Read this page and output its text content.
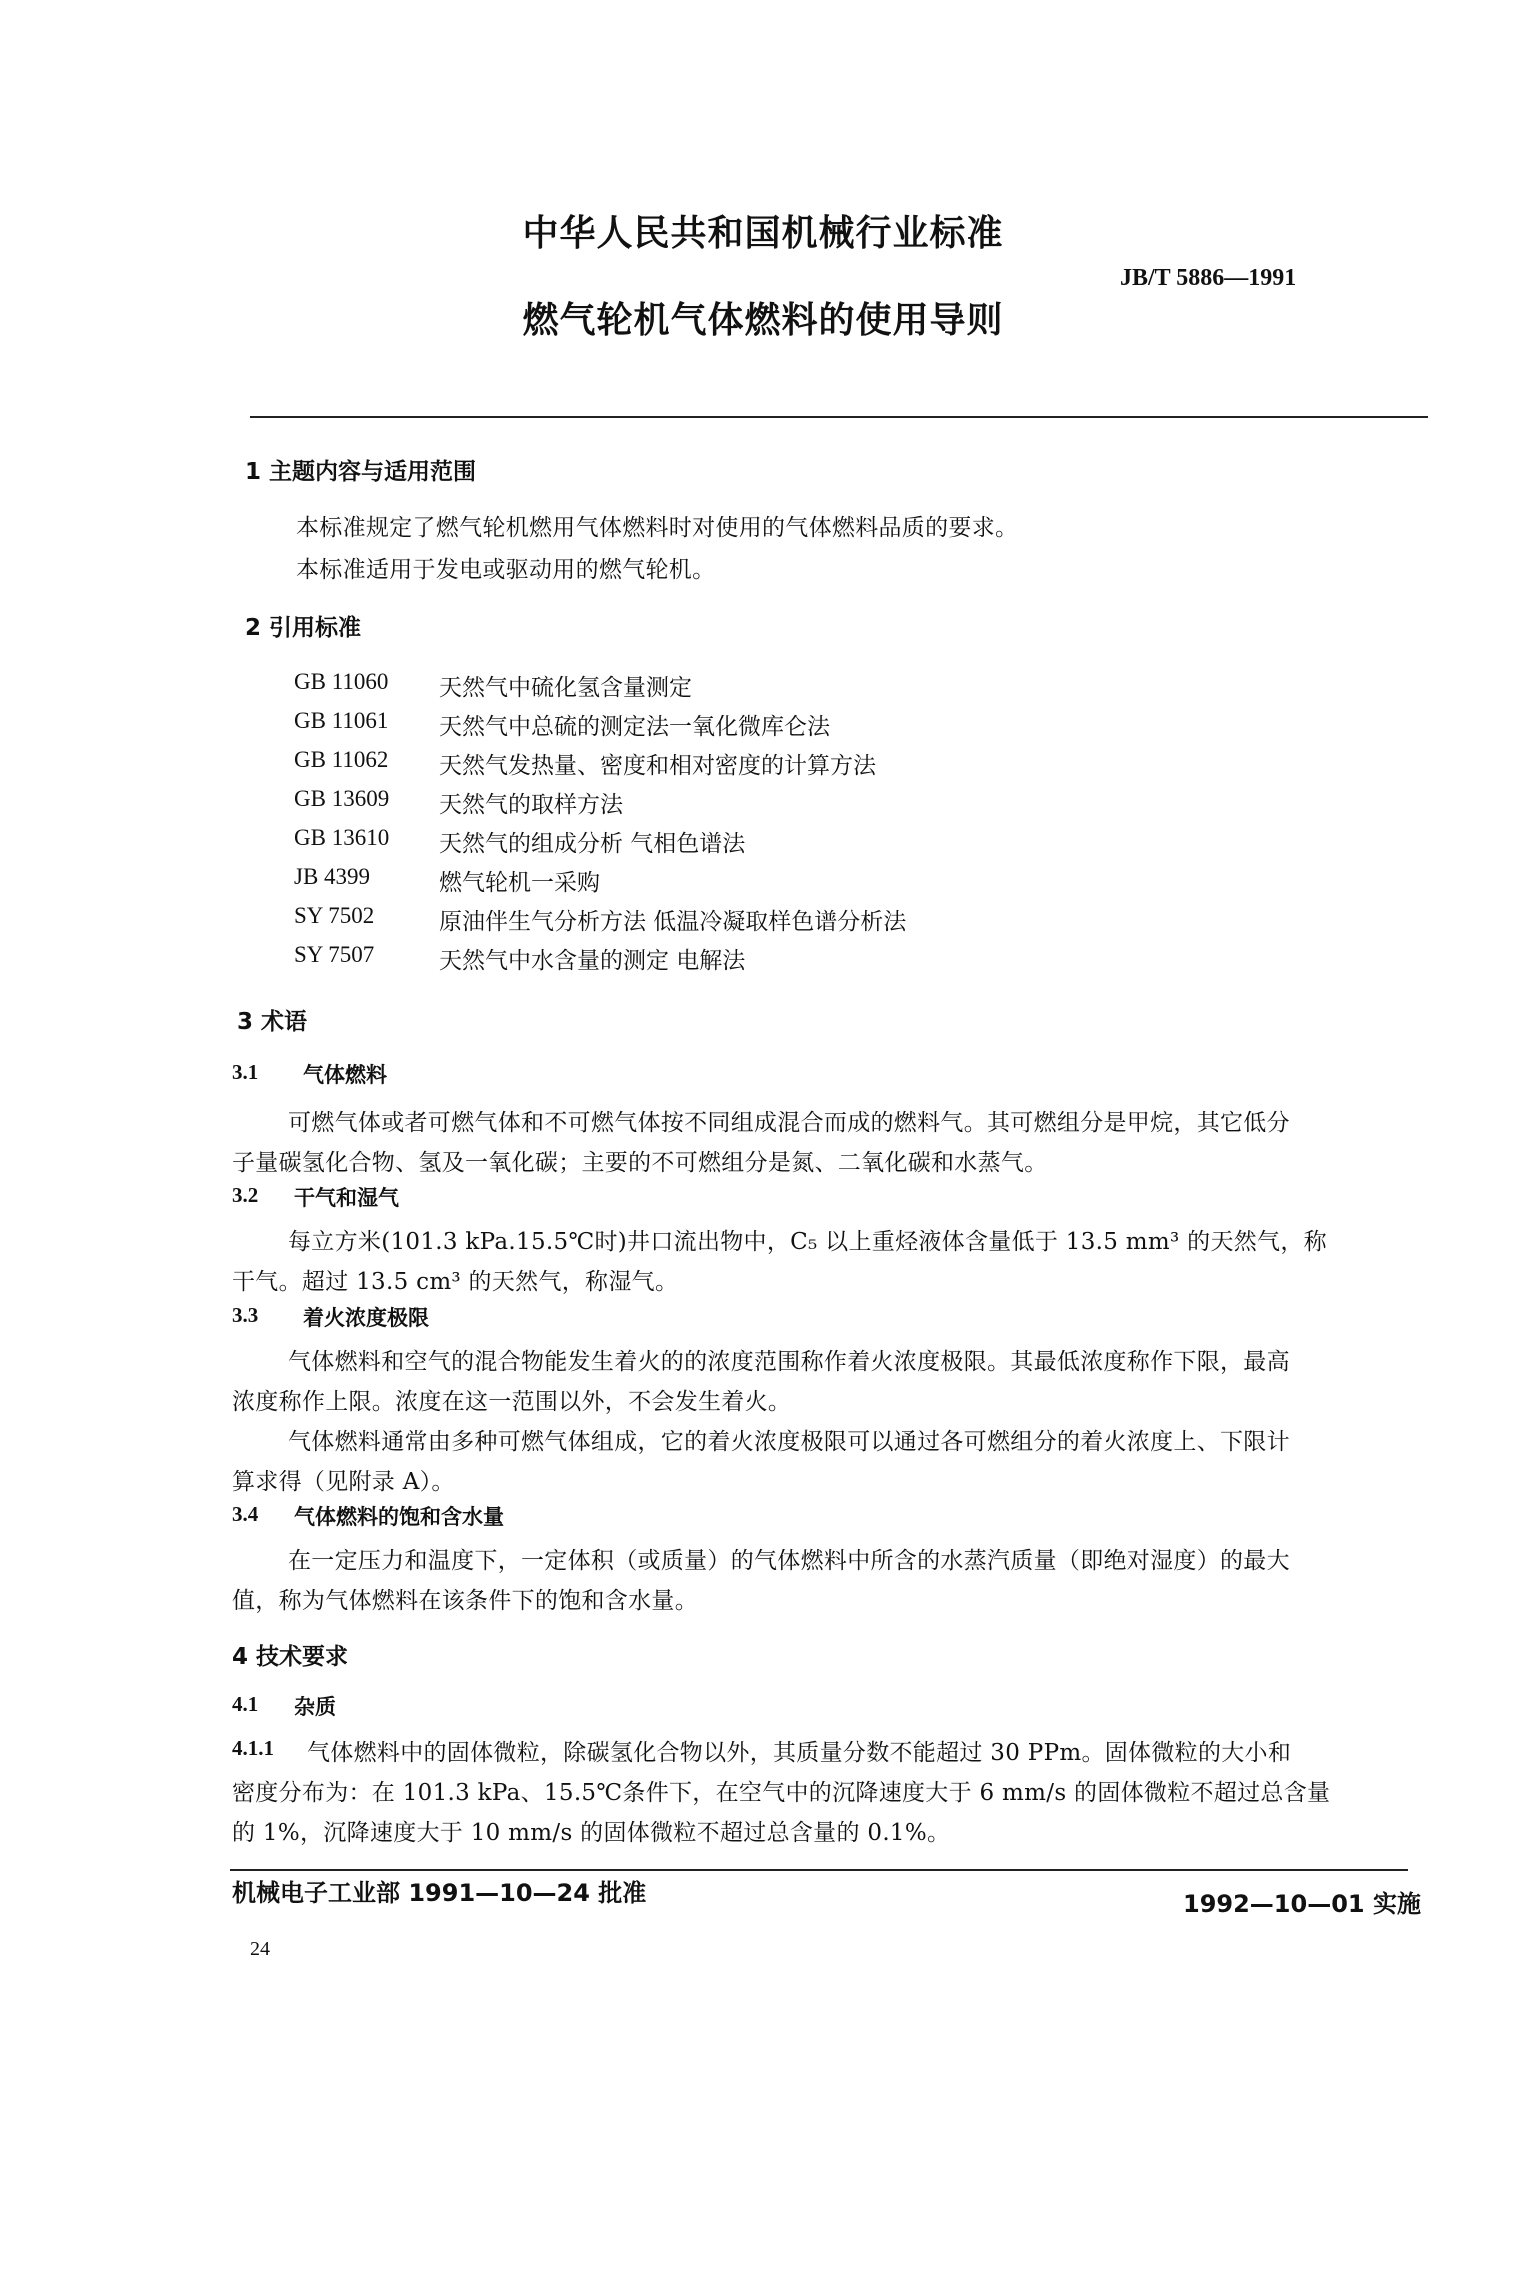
中华人民共和国机械行业标准
JB/T 5886—1991
燃气轮机气体燃料的使用导则
1 主题内容与适用范围
本标准规定了燃气轮机燃用气体燃料时对使用的气体燃料品质的要求。
本标准适用于发电或驱动用的燃气轮机。
2 引用标准
GB 11060 天然气中硫化氢含量测定
GB 11061 天然气中总硫的测定法一氧化微库仑法
GB 11062 天然气发热量、密度和相对密度的计算方法
GB 13609 天然气的取样方法
GB 13610 天然气的组成分析 气相色谱法
JB 4399	燃气轮机一采购
SY 7502	原油伴生气分析方法 低温冷凝取样色谱分析法
SY 7507	天然气中水含量的测定 电解法
3 术语
3.1 气体燃料
可燃气体或者可燃气体和不可燃气体按不同组成混合而成的燃料气。其可燃组分是甲烷，其它低分
子量碳氢化合物、氢及一氧化碳；主要的不可燃组分是氮、二氧化碳和水蒸气。
3.2 干气和湿气
每立方米(101.3 kPa.15.5℃时)井口流出物中，C₅ 以上重烃液体含量低于 13.5 mm³ 的天然气，称
干气。超过 13.5 cm³ 的天然气，称湿气。
3.3 着火浓度极限
气体燃料和空气的混合物能发生着火的的浓度范围称作着火浓度极限。其最低浓度称作下限，最高
浓度称作上限。浓度在这一范围以外，不会发生着火。
气体燃料通常由多种可燃气体组成，它的着火浓度极限可以通过各可燃组分的着火浓度上、下限计
算求得（见附录 A）。
3.4 气体燃料的饱和含水量
在一定压力和温度下，一定体积（或质量）的气体燃料中所含的水蒸汽质量（即绝对湿度）的最大
值，称为气体燃料在该条件下的饱和含水量。
4 技术要求
4.1 杂质
4.1.1 气体燃料中的固体微粒，除碳氢化合物以外，其质量分数不能超过 30 PPm。固体微粒的大小和
密度分布为：在 101.3 kPa、15.5℃条件下，在空气中的沉降速度大于 6 mm/s 的固体微粒不超过总含量
的 1%，沉降速度大于 10 mm/s 的固体微粒不超过总含量的 0.1%。
机械电子工业部 1991—10—24 批准	1992—10—01 实施
24
